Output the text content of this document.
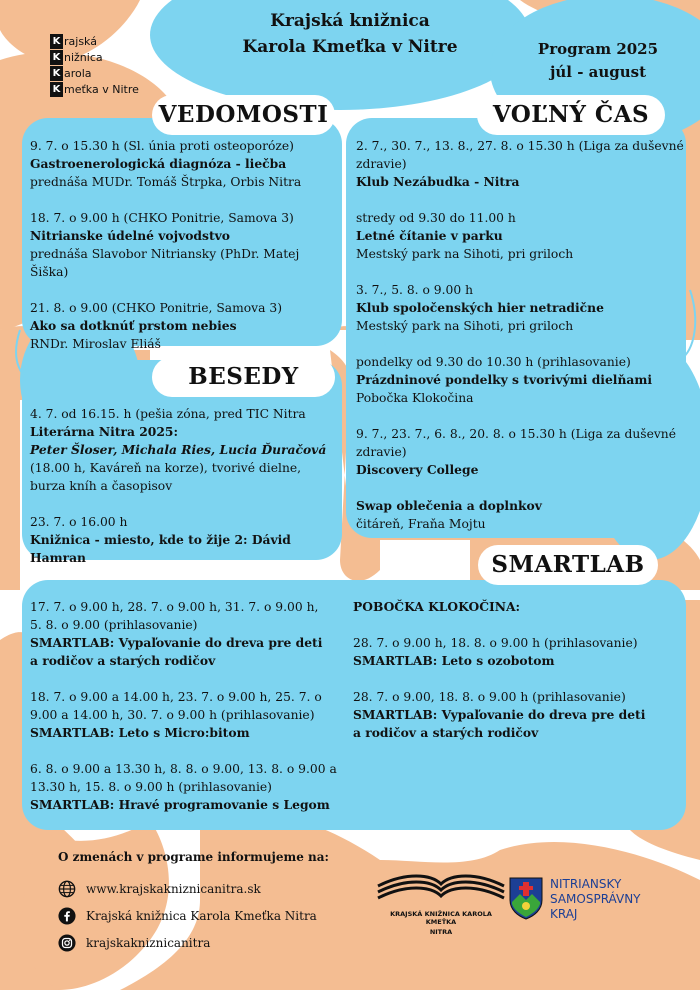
Krajská knižnica
Karola Kmeťka v Nitre
K rajská
K nižnica
K arola
K meťka v Nitre
Program 2025
júl - august
VEDOMOSTI	VOĽNÝ ČAS
BESEDY
SMARTLAB
9. 7. o 15.30 h (Sl. únia proti osteoporóze)
Gastroenerologická diagnóza - liečba
prednáša MUDr. Tomáš Štrpka, Orbis Nitra
18. 7. o 9.00 h (CHKO Ponitrie, Samova 3)
Nitrianske údelné vojvodstvo
prednáša Slavobor Nitriansky (PhDr. Matej Šiška)
21. 8. o 9.00 (CHKO Ponitrie, Samova 3)
Ako sa dotknúť prstom nebies
RNDr. Miroslav Eliáš
2. 7., 30. 7., 13. 8., 27. 8. o 15.30 h (Liga za duševné
zdravie)
Klub Nezábudka - Nitra
stredy od 9.30 do 11.00 h
Letné čítanie v parku
Mestský park na Sihoti, pri griloch
3. 7., 5. 8. o 9.00 h
Klub spoločenských hier netradične
Mestský park na Sihoti, pri griloch
pondelky od 9.30 do 10.30 h (prihlasovanie)
Prázdninové pondelky s tvorivými dielňami
Pobočka Klokočina
9. 7., 23. 7., 6. 8., 20. 8. o 15.30 h (Liga za duševné
zdravie)
Discovery College
Swap oblečenia a doplnkov
čitáreň, Fraňa Mojtu
4. 7. od 16.15. h (pešia zóna, pred TIC Nitra
Literárna Nitra 2025:
Peter Šloser, Michala Ries, Lucia Ďuračová
(18.00 h, Kaváreň na korze), tvorivé dielne,
burza kníh a časopisov
23. 7. o 16.00 h
Knižnica - miesto, kde to žije 2: Dávid Hamran
17. 7. o 9.00 h, 28. 7. o 9.00 h, 31. 7. o 9.00 h,
5. 8. o 9.00 (prihlasovanie)
SMARTLAB: Vypaľovanie do dreva pre deti
a rodičov a starých rodičov
18. 7. o 9.00 a 14.00 h, 23. 7. o 9.00 h, 25. 7. o
9.00 a 14.00 h, 30. 7. o 9.00 h (prihlasovanie)
SMARTLAB: Leto s Micro:bitom
6. 8. o 9.00 a 13.30 h, 8. 8. o 9.00, 13. 8. o 9.00 a
13.30 h, 15. 8. o 9.00 h (prihlasovanie)
SMARTLAB: Hravé programovanie s Legom
POBOČKA KLOKOČINA:
28. 7. o 9.00 h, 18. 8. o 9.00 h (prihlasovanie)
SMARTLAB: Leto s ozobotom
28. 7. o 9.00, 18. 8. o 9.00 h (prihlasovanie)
SMARTLAB: Vypaľovanie do dreva pre deti
a rodičov a starých rodičov
O zmenách v programe informujeme na:
www.krajskakniznicanitra.sk
Krajská knižnica Karola Kmeťka Nitra
krajskakniznicanitra
KRAJSKÁ KNIŽNICA KAROLA KMEŤKA
NITRA
NITRIANSKY
SAMOSPRÁVNY
KRAJ
